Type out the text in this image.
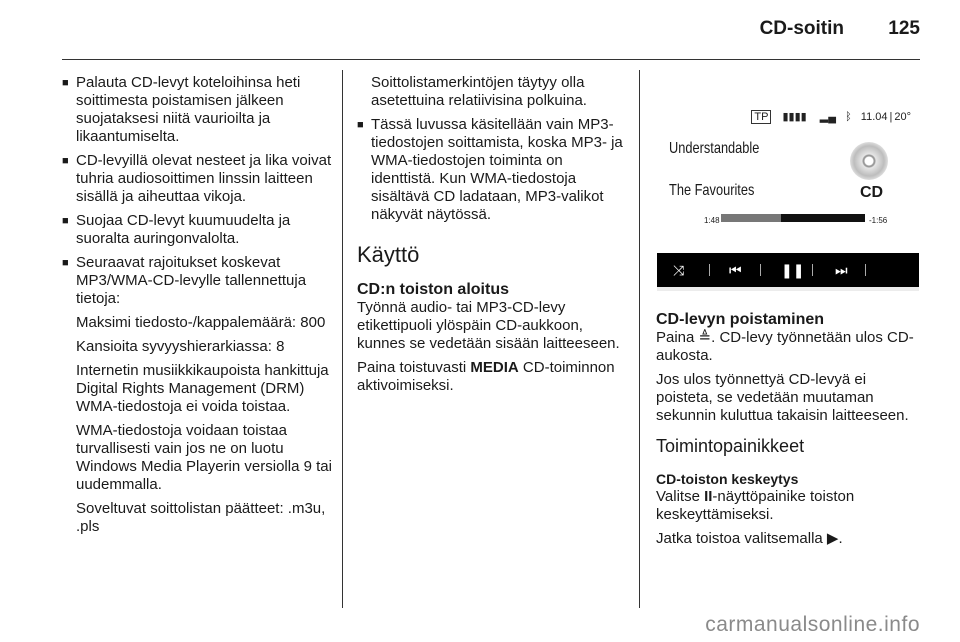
CD-soitin 125
■ Palauta CD-levyt koteloihinsa heti soittimesta poistamisen jälkeen suojataksesi niitä vaurioilta ja likaantumiselta.
■ CD-levyillä olevat nesteet ja lika voivat tuhria audiosoittimen linssin laitteen sisällä ja aiheuttaa vikoja.
■ Suojaa CD-levyt kuumuudelta ja suoralta auringonvalolta.
■ Seuraavat rajoitukset koskevat MP3/WMA-CD-levylle tallennettuja tietoja:

Maksimi tiedosto-/kappalemäärä: 800

Kansioita syvyyshierarkiassa: 8

Internetin musiikkikaupoista hankittuja Digital Rights Management (DRM) WMA-tiedostoja ei voida toistaa.

WMA-tiedostoja voidaan toistaa turvallisesti vain jos ne on luotu Windows Media Playerin versiolla 9 tai uudemmalla.

Soveltuvat soittolistan päätteet: .m3u, .pls

Soittolistamerkintöjen täytyy olla asetettuina relatiivisina polkuina.

■ Tässä luvussa käsitellään vain MP3-tiedostojen soittamista, koska MP3- ja WMA-tiedostojen toiminta on identtistä. Kun WMA-tiedostoja sisältävä CD ladataan, MP3-valikot näkyvät näytössä.
Käyttö
CD:n toiston aloitus

Työnnä audio- tai MP3-CD-levy etikettipuoli ylöspäin CD-aukkoon, kunnes se vedetään sisään laitteeseen.

Paina toistuvasti MEDIA CD-toiminnon aktivoimiseksi.

TP ▮▮▮▮ ▂▄ ᛒ 11.04 | 20°
Understandable
The Favourites	CD
1:48	-1:56
⤨	⏮	❚❚ ⏭
CD-levyn poistaminen

Paina ≜. CD-levy työnnetään ulos CD-aukosta.

Jos ulos työnnettyä CD-levyä ei poisteta, se vedetään muutaman sekunnin kuluttua takaisin laitteeseen.

Toimintopainikkeet
CD-toiston keskeytys

Valitse II-näyttöpainike toiston keskeyttämiseksi.

Jatka toistoa valitsemalla ▶.

carmanualsonline.info
